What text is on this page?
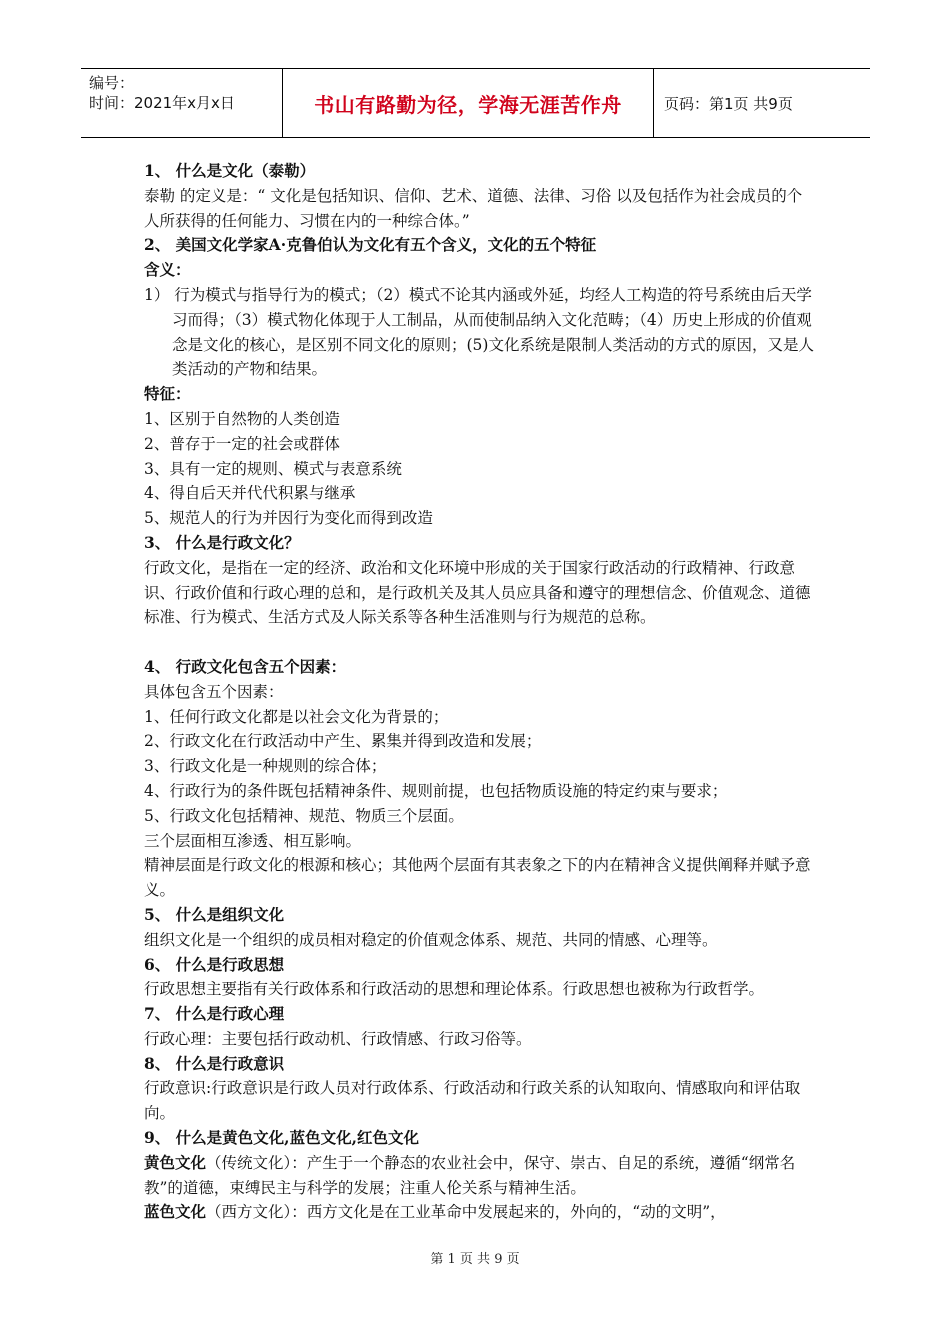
编号：
时间：2021年x月x日	书山有路勤为径，学海无涯苦作舟	页码：第1页 共9页

1、 什么是文化（泰勒）

泰勒 的定义是：“ 文化是包括知识、信仰、艺术、道德、法律、习俗 以及包括作为社会成员的个人所获得的任何能力、习惯在内的一种综合体。”

2、 美国文化学家A·克鲁伯认为文化有五个含义，文化的五个特征

含义：

1） 行为模式与指导行为的模式；（2）模式不论其内涵或外延，均经人工构造的符号系统由后天学习而得；（3）模式物化体现于人工制品，从而使制品纳入文化范畴；（4）历史上形成的价值观念是文化的核心，是区别不同文化的原则；(5)文化系统是限制人类活动的方式的原因，又是人类活动的产物和结果。

特征：

1、区别于自然物的人类创造

2、普存于一定的社会或群体

3、具有一定的规则、模式与表意系统

4、得自后天并代代积累与继承

5、规范人的行为并因行为变化而得到改造

3、 什么是行政文化？

行政文化，是指在一定的经济、政治和文化环境中形成的关于国家行政活动的行政精神、行政意识、行政价值和行政心理的总和，是行政机关及其人员应具备和遵守的理想信念、价值观念、道德标准、行为模式、生活方式及人际关系等各种生活准则与行为规范的总称。

4、 行政文化包含五个因素：

具体包含五个因素：

1、任何行政文化都是以社会文化为背景的；

2、行政文化在行政活动中产生、累集并得到改造和发展；

3、行政文化是一种规则的综合体；

4、行政行为的条件既包括精神条件、规则前提，也包括物质设施的特定约束与要求；

5、行政文化包括精神、规范、物质三个层面。

三个层面相互渗透、相互影响。

精神层面是行政文化的根源和核心；其他两个层面有其表象之下的内在精神含义提供阐释并赋予意义。

5、 什么是组织文化

组织文化是一个组织的成员相对稳定的价值观念体系、规范、共同的情感、心理等。

6、 什么是行政思想

行政思想主要指有关行政体系和行政活动的思想和理论体系。行政思想也被称为行政哲学。

7、 什么是行政心理

行政心理：主要包括行政动机、行政情感、行政习俗等。

8、 什么是行政意识

行政意识:行政意识是行政人员对行政体系、行政活动和行政关系的认知取向、情感取向和评估取向。

9、 什么是黄色文化,蓝色文化,红色文化

黄色文化（传统文化）：产生于一个静态的农业社会中，保守、崇古、自足的系统，遵循“纲常名教”的道德，束缚民主与科学的发展；注重人伦关系与精神生活。

蓝色文化（西方文化）：西方文化是在工业革命中发展起来的，外向的，“动的文明”，

第 1 页 共 9 页
